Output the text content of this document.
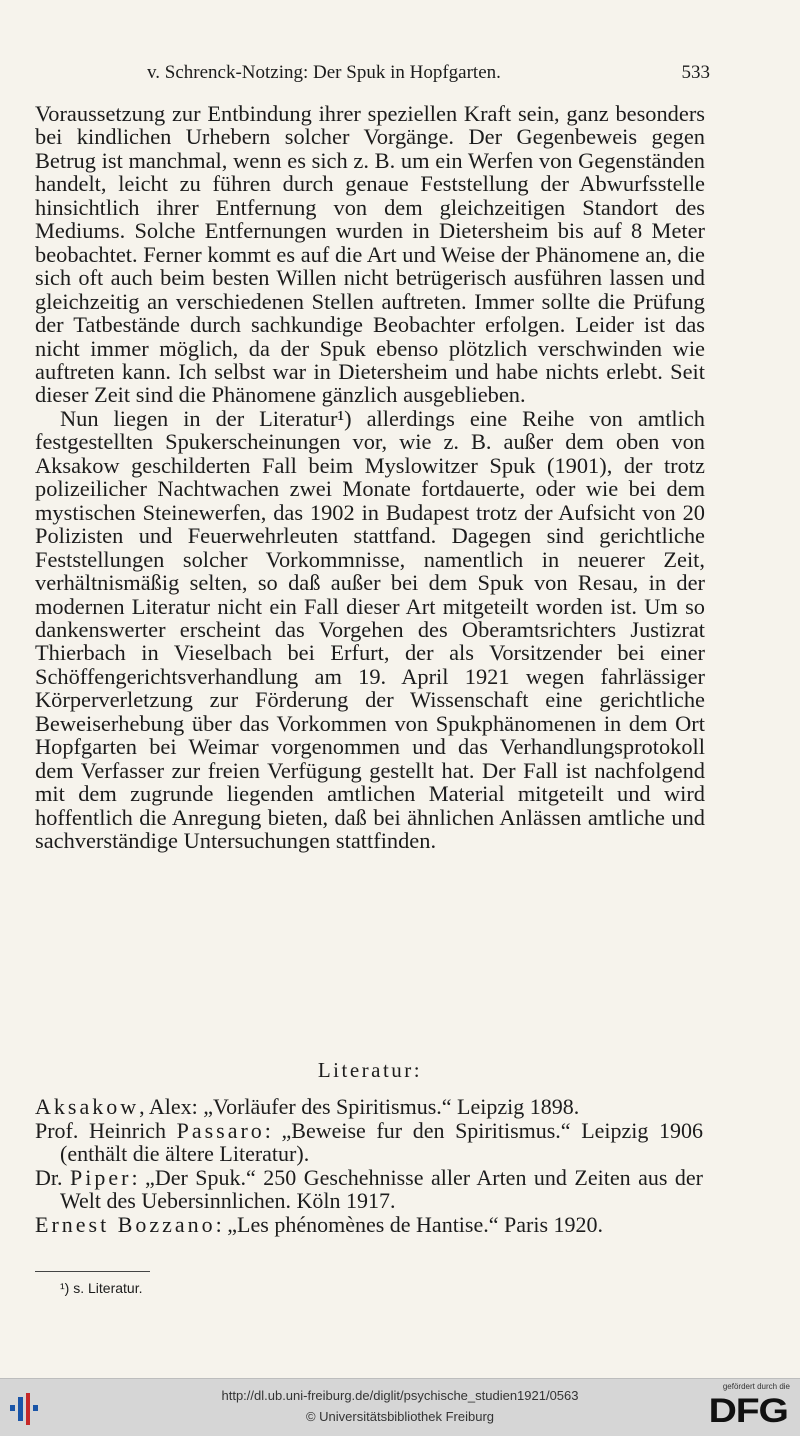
v. Schrenck-Notzing: Der Spuk in Hopfgarten.	533

Voraussetzung zur Entbindung ihrer speziellen Kraft sein, ganz besonders bei kindlichen Urhebern solcher Vorgänge. Der Gegenbeweis gegen Betrug ist manchmal, wenn es sich z. B. um ein Werfen von Gegenständen handelt, leicht zu führen durch genaue Feststellung der Abwurfsstelle hinsichtlich ihrer Entfernung von dem gleichzeitigen Standort des Mediums. Solche Entfernungen wurden in Dietersheim bis auf 8 Meter beobachtet. Ferner kommt es auf die Art und Weise der Phänomene an, die sich oft auch beim besten Willen nicht betrügerisch ausführen lassen und gleichzeitig an verschiedenen Stellen auftreten. Immer sollte die Prüfung der Tatbestände durch sachkundige Beobachter erfolgen. Leider ist das nicht immer möglich, da der Spuk ebenso plötzlich verschwinden wie auftreten kann. Ich selbst war in Dietersheim und habe nichts erlebt. Seit dieser Zeit sind die Phänomene gänzlich ausgeblieben.

Nun liegen in der Literatur¹) allerdings eine Reihe von amtlich festgestellten Spukerscheinungen vor, wie z. B. außer dem oben von Aksakow geschilderten Fall beim Myslowitzer Spuk (1901), der trotz polizeilicher Nachtwachen zwei Monate fortdauerte, oder wie bei dem mystischen Steinewerfen, das 1902 in Budapest trotz der Aufsicht von 20 Polizisten und Feuerwehrleuten stattfand. Dagegen sind gerichtliche Feststellungen solcher Vorkommnisse, namentlich in neuerer Zeit, verhältnismäßig selten, so daß außer bei dem Spuk von Resau, in der modernen Literatur nicht ein Fall dieser Art mitgeteilt worden ist. Um so dankenswerter erscheint das Vorgehen des Oberamtsrichters Justizrat Thierbach in Vieselbach bei Erfurt, der als Vorsitzender bei einer Schöffengerichtsverhandlung am 19. April 1921 wegen fahrlässiger Körperverletzung zur Förderung der Wissenschaft eine gerichtliche Beweiserhebung über das Vorkommen von Spukphänomenen in dem Ort Hopfgarten bei Weimar vorgenommen und das Verhandlungsprotokoll dem Verfasser zur freien Verfügung gestellt hat. Der Fall ist nachfolgend mit dem zugrunde liegenden amtlichen Material mitgeteilt und wird hoffentlich die Anregung bieten, daß bei ähnlichen Anlässen amtliche und sachverständige Untersuchungen stattfinden.

Literatur:
Aksakow, Alex: „Vorläufer des Spiritismus.“ Leipzig 1898.
Prof. Heinrich Passaro: „Beweise fur den Spiritismus.“ Leipzig 1906 (enthält die ältere Literatur).
Dr. Piper: „Der Spuk.“ 250 Geschehnisse aller Arten und Zeiten aus der Welt des Uebersinnlichen. Köln 1917.
Ernest Bozzano: „Les phénomènes de Hantise.“ Paris 1920.
¹) s. Literatur.
http://dl.ub.uni-freiburg.de/diglit/psychische_studien1921/0563
© Universitätsbibliothek Freiburg
gefördert durch die
DFG
